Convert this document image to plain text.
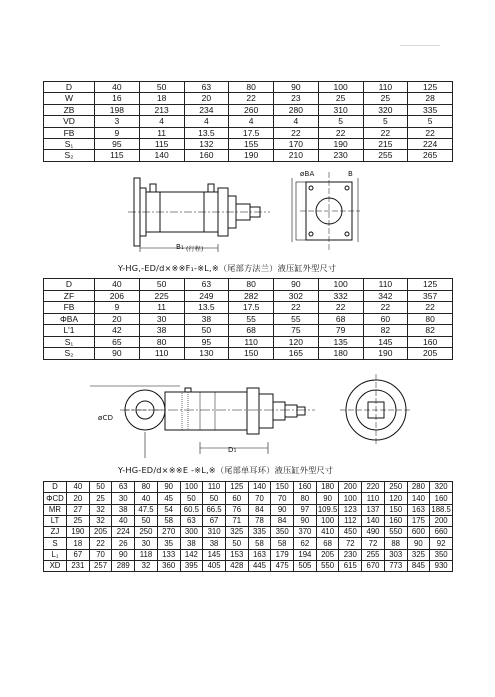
D	40	50	63	80	90	100	110	125
W	16	18	20	22	23	25	25	28
ZB	198	213	234	260	280	310	320	335
VD	3	4	4	4	4	5	5	5
FB	9	11	13.5	17.5	22	22	22	22
S₁	95	115	132	155	170	190	215	224
S₂	115	140	160	190	210	230	255	265
B₁ (行程)
øBA	B
Y-HG,-ED/d×※※F₁-※L,※（尾部方法兰）液压缸外型尺寸
D	40	50	63	80	90	100	110	125
ZF	206	225	249	282	302	332	342	357
FB	9	11	13.5	17.5	22	22	22	22
ΦBA	20	30	38	55	55	68	60	80
L'1	42	38	50	68	75	79	82	82
S₁	65	80	95	110	120	135	145	160
S₂	90	110	130	150	165	180	190	205
øCD
D₁
Y-HG-ED/d×※※E -※L,※（尾部单耳环）液压缸外型尺寸
D	40	50	63	80	90	100	110	125	140	150	160	180	200	220	250	280	320
ΦCD	20	25	30	40	45	50	50	60	70	70	80	90	100	110	120	140	160
MR	27	32	38	47.5	54	60.5	66.5	76	84	90	97	109.5	123	137	150	163	188.5
LT	25	32	40	50	58	63	67	71	78	84	90	100	112	140	160	175	200
ZJ	190	205	224	250	270	300	310	325	335	350	370	410	450	490	550	600	660
S	18	22	26	30	35	38	38	50	58	58	62	68	72	72	88	90	92
L₁	67	70	90	118	133	142	145	153	163	179	194	205	230	255	303	325	350
XD	231	257	289	32	360	395	405	428	445	475	505	550	615	670	773	845	930
